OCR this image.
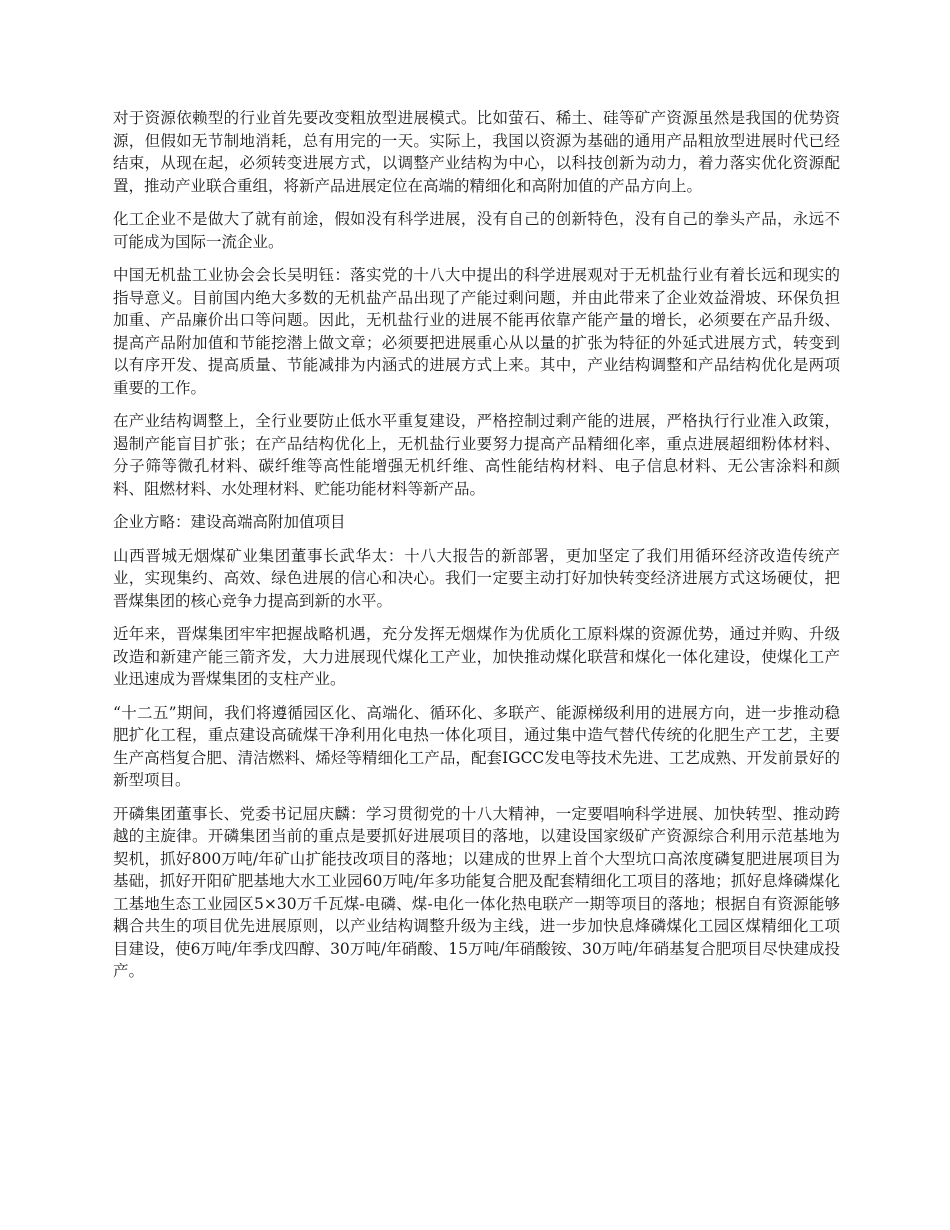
对于资源依赖型的行业首先要改变粗放型进展模式。比如萤石、稀土、硅等矿产资源虽然是我国的优势资源，但假如无节制地消耗，总有用完的一天。实际上，我国以资源为基础的通用产品粗放型进展时代已经结束，从现在起，必须转变进展方式，以调整产业结构为中心，以科技创新为动力，着力落实优化资源配置，推动产业联合重组，将新产品进展定位在高端的精细化和高附加值的产品方向上。

化工企业不是做大了就有前途，假如没有科学进展，没有自己的创新特色，没有自己的拳头产品，永远不可能成为国际一流企业。

中国无机盐工业协会会长吴明钰：落实党的十八大中提出的科学进展观对于无机盐行业有着长远和现实的指导意义。目前国内绝大多数的无机盐产品出现了产能过剩问题，并由此带来了企业效益滑坡、环保负担加重、产品廉价出口等问题。因此，无机盐行业的进展不能再依靠产能产量的增长，必须要在产品升级、提高产品附加值和节能挖潜上做文章；必须要把进展重心从以量的扩张为特征的外延式进展方式，转变到以有序开发、提高质量、节能减排为内涵式的进展方式上来。其中，产业结构调整和产品结构优化是两项重要的工作。

在产业结构调整上，全行业要防止低水平重复建设，严格控制过剩产能的进展，严格执行行业准入政策，遏制产能盲目扩张；在产品结构优化上，无机盐行业要努力提高产品精细化率，重点进展超细粉体材料、分子筛等微孔材料、碳纤维等高性能增强无机纤维、高性能结构材料、电子信息材料、无公害涂料和颜料、阻燃材料、水处理材料、贮能功能材料等新产品。

企业方略：建设高端高附加值项目

山西晋城无烟煤矿业集团董事长武华太：十八大报告的新部署，更加坚定了我们用循环经济改造传统产业，实现集约、高效、绿色进展的信心和决心。我们一定要主动打好加快转变经济进展方式这场硬仗，把晋煤集团的核心竞争力提高到新的水平。

近年来，晋煤集团牢牢把握战略机遇，充分发挥无烟煤作为优质化工原料煤的资源优势，通过并购、升级改造和新建产能三箭齐发，大力进展现代煤化工产业，加快推动煤化联营和煤化一体化建设，使煤化工产业迅速成为晋煤集团的支柱产业。

“十二五”期间，我们将遵循园区化、高端化、循环化、多联产、能源梯级利用的进展方向，进一步推动稳肥扩化工程，重点建设高硫煤干净利用化电热一体化项目，通过集中造气替代传统的化肥生产工艺，主要生产高档复合肥、清洁燃料、烯烃等精细化工产品，配套IGCC发电等技术先进、工艺成熟、开发前景好的新型项目。

开磷集团董事长、党委书记屈庆麟：学习贯彻党的十八大精神，一定要唱响科学进展、加快转型、推动跨越的主旋律。开磷集团当前的重点是要抓好进展项目的落地，以建设国家级矿产资源综合利用示范基地为契机，抓好800万吨/年矿山扩能技改项目的落地；以建成的世界上首个大型坑口高浓度磷复肥进展项目为基础，抓好开阳矿肥基地大水工业园60万吨/年多功能复合肥及配套精细化工项目的落地；抓好息烽磷煤化工基地生态工业园区5×30万千瓦煤-电磷、煤-电化一体化热电联产一期等项目的落地；根据自有资源能够耦合共生的项目优先进展原则，以产业结构调整升级为主线，进一步加快息烽磷煤化工园区煤精细化工项目建设，使6万吨/年季戊四醇、30万吨/年硝酸、15万吨/年硝酸铵、30万吨/年硝基复合肥项目尽快建成投产。
